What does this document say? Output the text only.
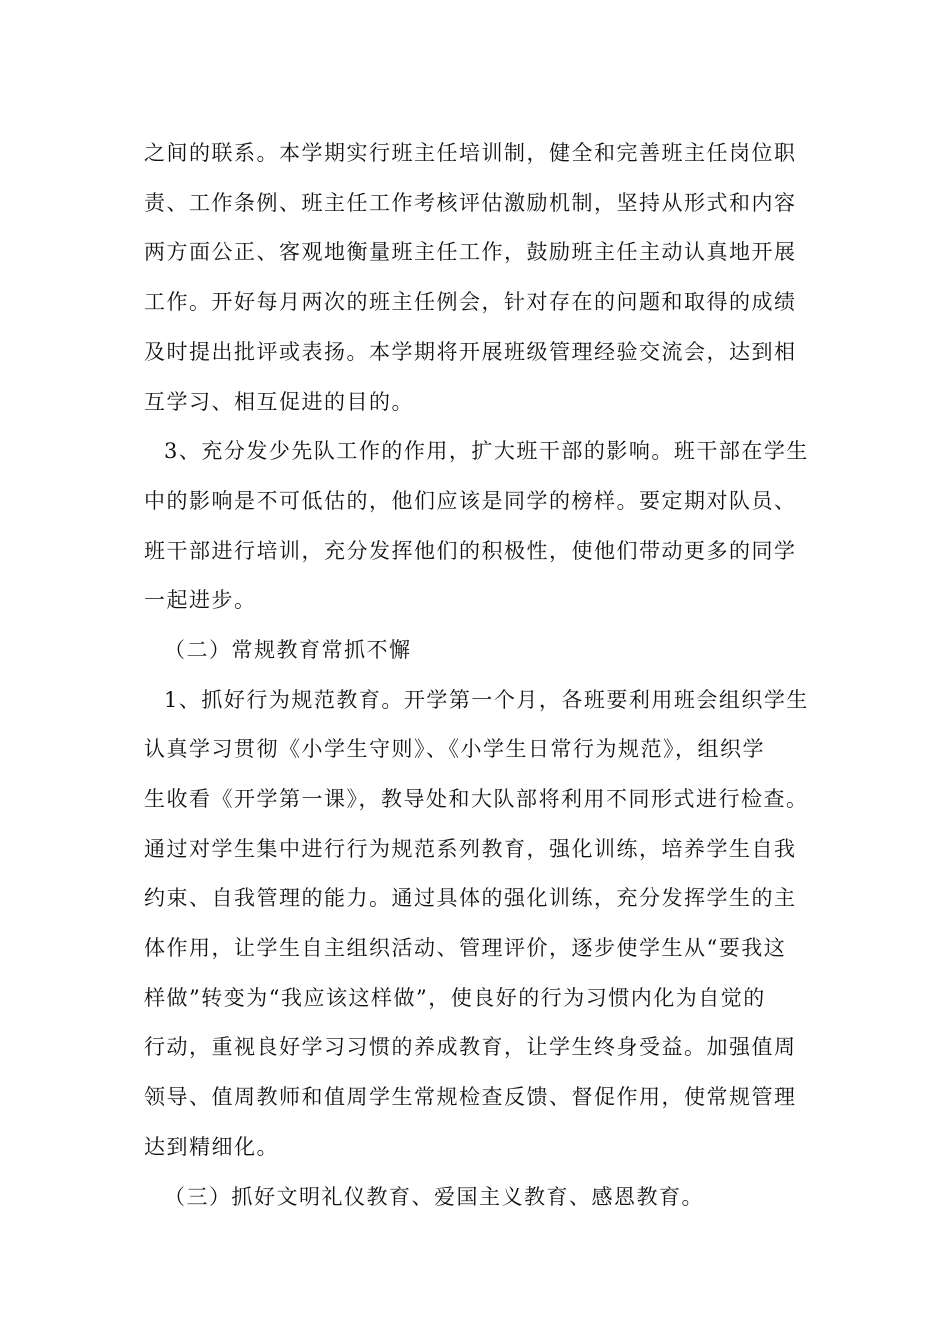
之间的联系。本学期实行班主任培训制，健全和完善班主任岗位职
责、工作条例、班主任工作考核评估激励机制，坚持从形式和内容
两方面公正、客观地衡量班主任工作，鼓励班主任主动认真地开展
工作。开好每月两次的班主任例会，针对存在的问题和取得的成绩
及时提出批评或表扬。本学期将开展班级管理经验交流会，达到相
互学习、相互促进的目的。
3、充分发少先队工作的作用，扩大班干部的影响。班干部在学生
中的影响是不可低估的，他们应该是同学的榜样。要定期对队员、
班干部进行培训，充分发挥他们的积极性，使他们带动更多的同学
一起进步。
（二）常规教育常抓不懈
1、抓好行为规范教育。开学第一个月，各班要利用班会组织学生
认真学习贯彻《小学生守则》、《小学生日常行为规范》，组织学
生收看《开学第一课》，教导处和大队部将利用不同形式进行检查。
通过对学生集中进行行为规范系列教育，强化训练，培养学生自我
约束、自我管理的能力。通过具体的强化训练，充分发挥学生的主
体作用，让学生自主组织活动、管理评价，逐步使学生从“要我这
样做”转变为“我应该这样做”，使良好的行为习惯内化为自觉的
行动，重视良好学习习惯的养成教育，让学生终身受益。加强值周
领导、值周教师和值周学生常规检查反馈、督促作用，使常规管理
达到精细化。
（三）抓好文明礼仪教育、爱国主义教育、感恩教育。
